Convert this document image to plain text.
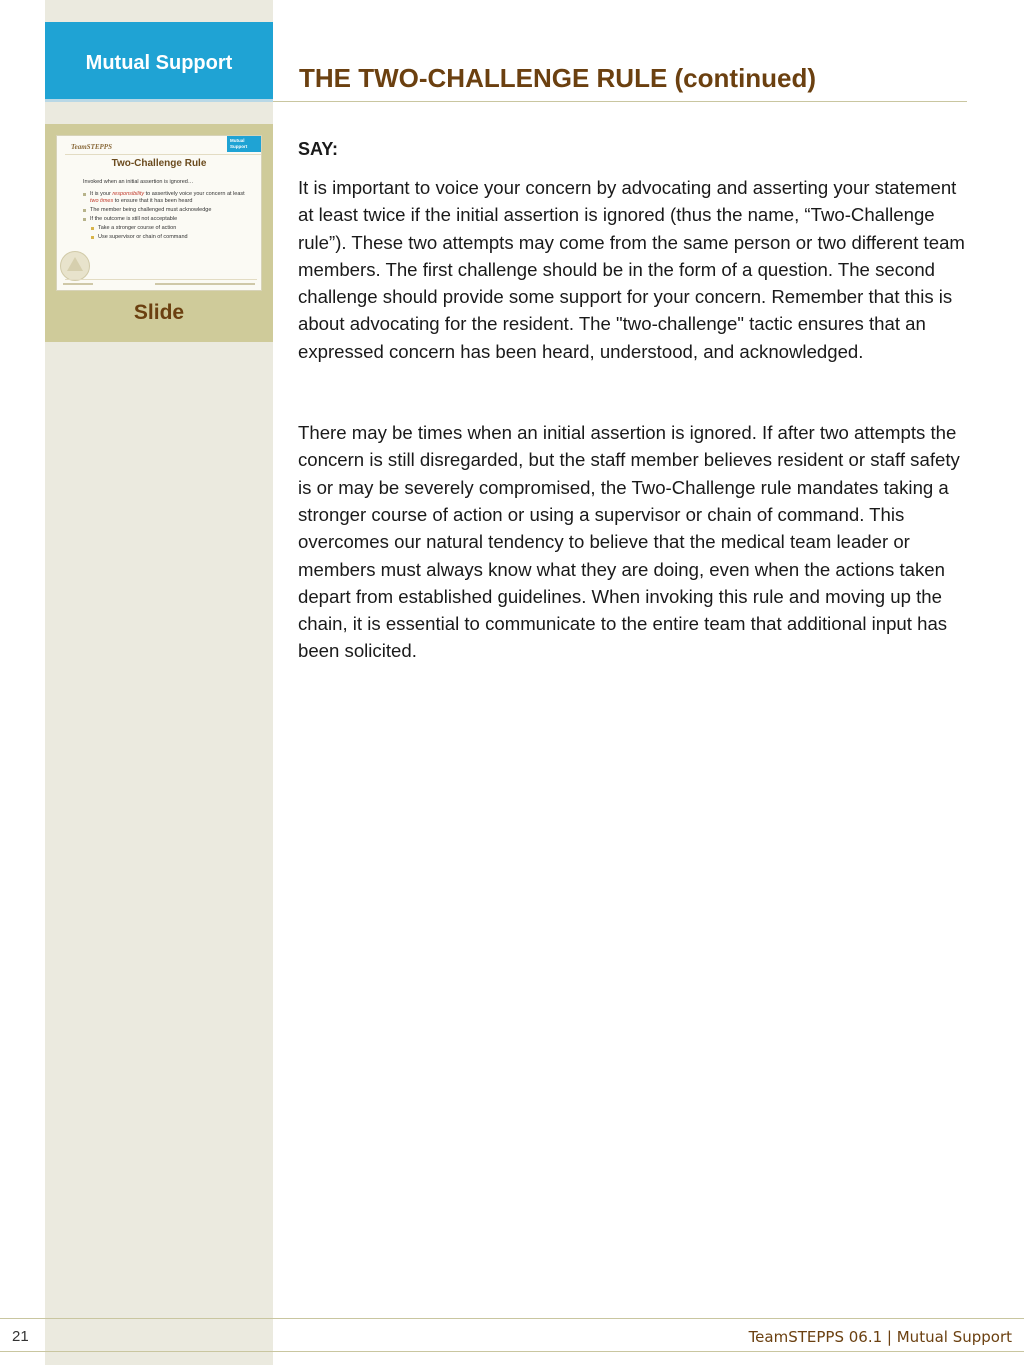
Mutual Support
TeamSTEPPS
Mutual Support
Two-Challenge Rule
Invoked when an initial assertion is ignored…
It is your responsibility to assertively voice your concern at least two times to ensure that it has been heard
The member being challenged must acknowledge
If the outcome is still not acceptable
Take a stronger course of action
Use supervisor or chain of command
Slide
THE TWO-CHALLENGE RULE (continued)

SAY:

It is important to voice your concern by advocating and asserting your statement at least twice if the initial assertion is ignored (thus the name, “Two-Challenge rule”). These two attempts may come from the same person or two different team members. The first challenge should be in the form of a question. The second challenge should provide some support for your concern. Remember that this is about advocating for the resident. The "two-challenge" tactic ensures that an expressed concern has been heard, understood, and acknowledged.

There may be times when an initial assertion is ignored. If after two attempts the concern is still disregarded, but the staff member believes resident or staff safety is or may be severely compromised, the Two-Challenge rule mandates taking a stronger course of action or using a supervisor or chain of command. This overcomes our natural tendency to believe that the medical team leader or members must always know what they are doing, even when the actions taken depart from established guidelines. When invoking this rule and moving up the chain, it is essential to communicate to the entire team that additional input has been solicited.

21	TeamSTEPPS 06.1 | Mutual Support
